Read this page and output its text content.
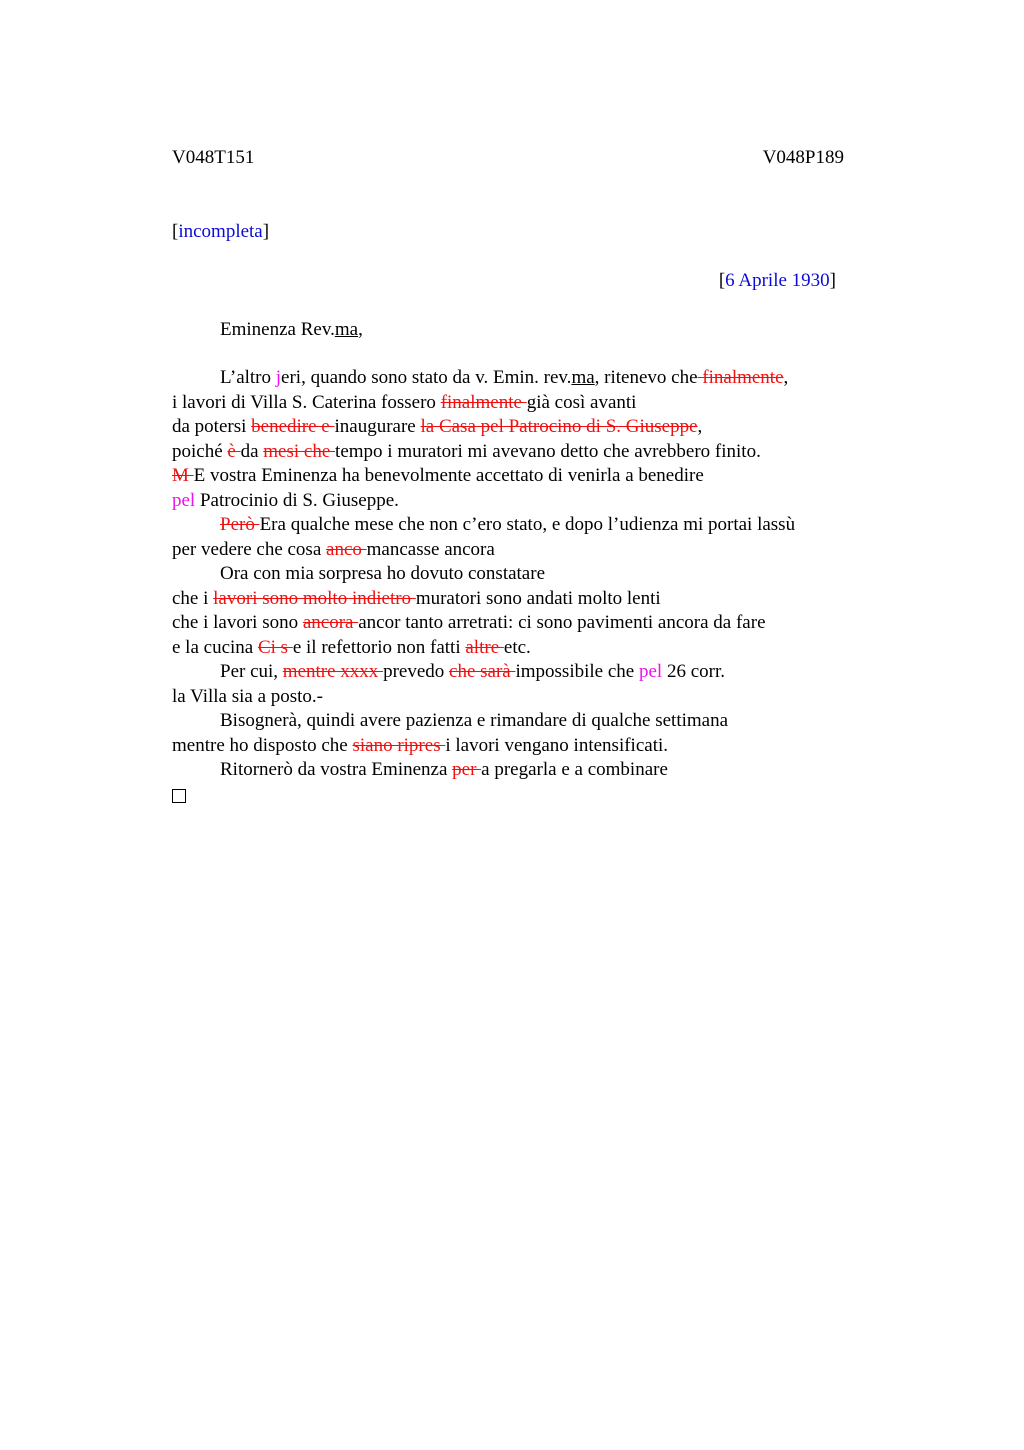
V048T151	V048P189
[incompleta]
[6 Aprile 1930]
Eminenza Rev.ma,
L’altro jeri, quando sono stato da v. Emin. rev.ma, ritenevo che finalmente,
i lavori di Villa S. Caterina fossero finalmente già così avanti
da potersi benedire e inaugurare la Casa pel Patrocino di S. Giuseppe,
poiché è da mesi che tempo i muratori mi avevano detto che avrebbero finito.
M E vostra Eminenza ha benevolmente accettato di venirla a benedire
pel Patrocinio di S. Giuseppe.
Però Era qualche mese che non c’ero stato, e dopo l’udienza mi portai lassù
per vedere che cosa anco mancasse ancora
Ora con mia sorpresa ho dovuto constatare
che i lavori sono molto indietro muratori sono andati molto lenti
che i lavori sono ancora ancor tanto arretrati: ci sono pavimenti ancora da fare
e la cucina Ci s e il refettorio non fatti altre etc.
Per cui, mentre xxxx prevedo che sarà impossibile che pel 26 corr.
la Villa sia a posto.-
Bisognerà, quindi avere pazienza e rimandare di qualche settimana
mentre ho disposto che siano ripres i lavori vengano intensificati.
Ritornerò da vostra Eminenza per a pregarla e a combinare
